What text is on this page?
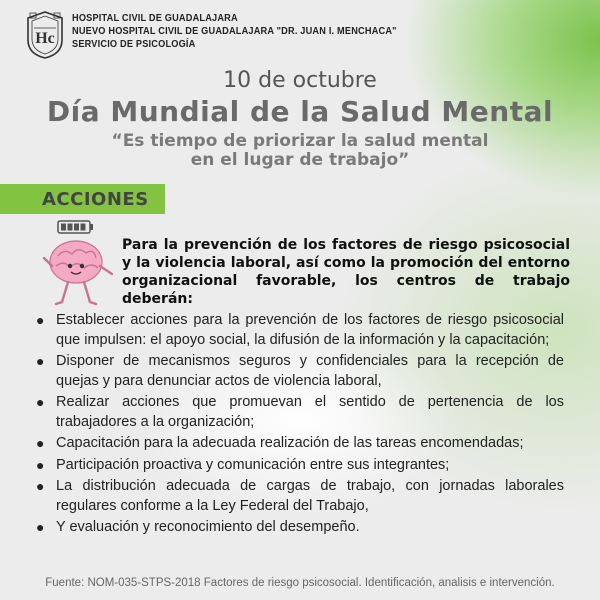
Hc
HOSPITAL CIVIL DE GUADALAJARA
NUEVO HOSPITAL CIVIL DE GUADALAJARA "DR. JUAN I. MENCHACA"
SERVICIO DE PSICOLOGÍA
10 de octubre
Día Mundial de la Salud Mental
“Es tiempo de priorizar la salud mental
en el lugar de trabajo”
ACCIONES
Para la prevención de los factores de riesgo psicosocial y la violencia laboral, así como la promoción del entorno organizacional favorable, los centros de trabajo deberán:
● Establecer acciones para la prevención de los factores de riesgo psicosocial que impulsen: el apoyo social, la difusión de la información y la capacitación;
● Disponer de mecanismos seguros y confidenciales para la recepción de quejas y para denunciar actos de violencia laboral,
● Realizar acciones que promuevan el sentido de pertenencia de los trabajadores a la organización;
● Capacitación para la adecuada realización de las tareas encomendadas;
● Participación proactiva y comunicación entre sus integrantes;
● La distribución adecuada de cargas de trabajo, con jornadas laborales regulares conforme a la Ley Federal del Trabajo,
● Y evaluación y reconocimiento del desempeño.
Fuente: NOM-035-STPS-2018 Factores de riesgo psicosocial. Identificación, analisis e intervención.
